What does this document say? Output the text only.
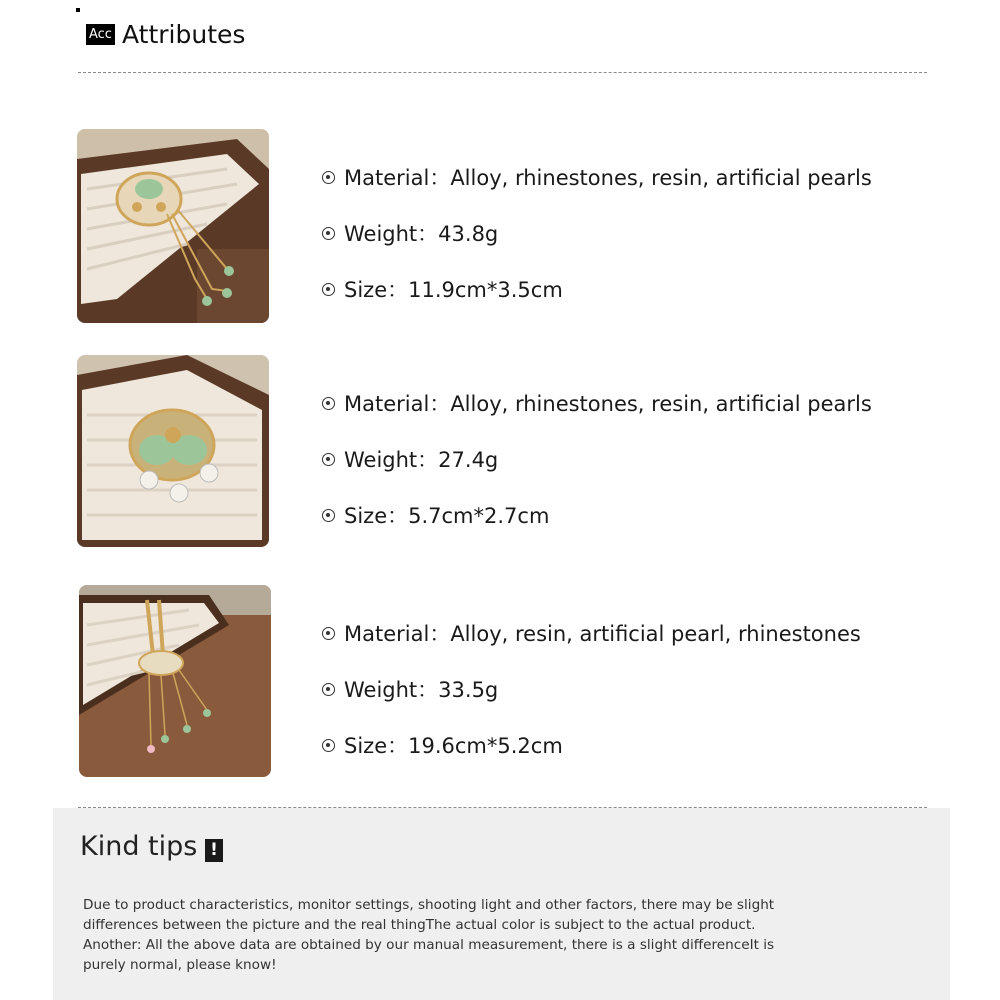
Acc Attributes
Material： Alloy, rhinestones, resin, artificial pearls
Weight： 43.8g
Size： 11.9cm*3.5cm
Material： Alloy, rhinestones, resin, artificial pearls
Weight： 27.4g
Size： 5.7cm*2.7cm
Material： Alloy, resin, artificial pearl, rhinestones
Weight： 33.5g
Size： 19.6cm*5.2cm
Kind tips !
Due to product characteristics, monitor settings, shooting light and other factors, there may be slight
differences between the picture and the real thingThe actual color is subject to the actual product.
Another: All the above data are obtained by our manual measurement, there is a slight differenceIt is
purely normal, please know!
